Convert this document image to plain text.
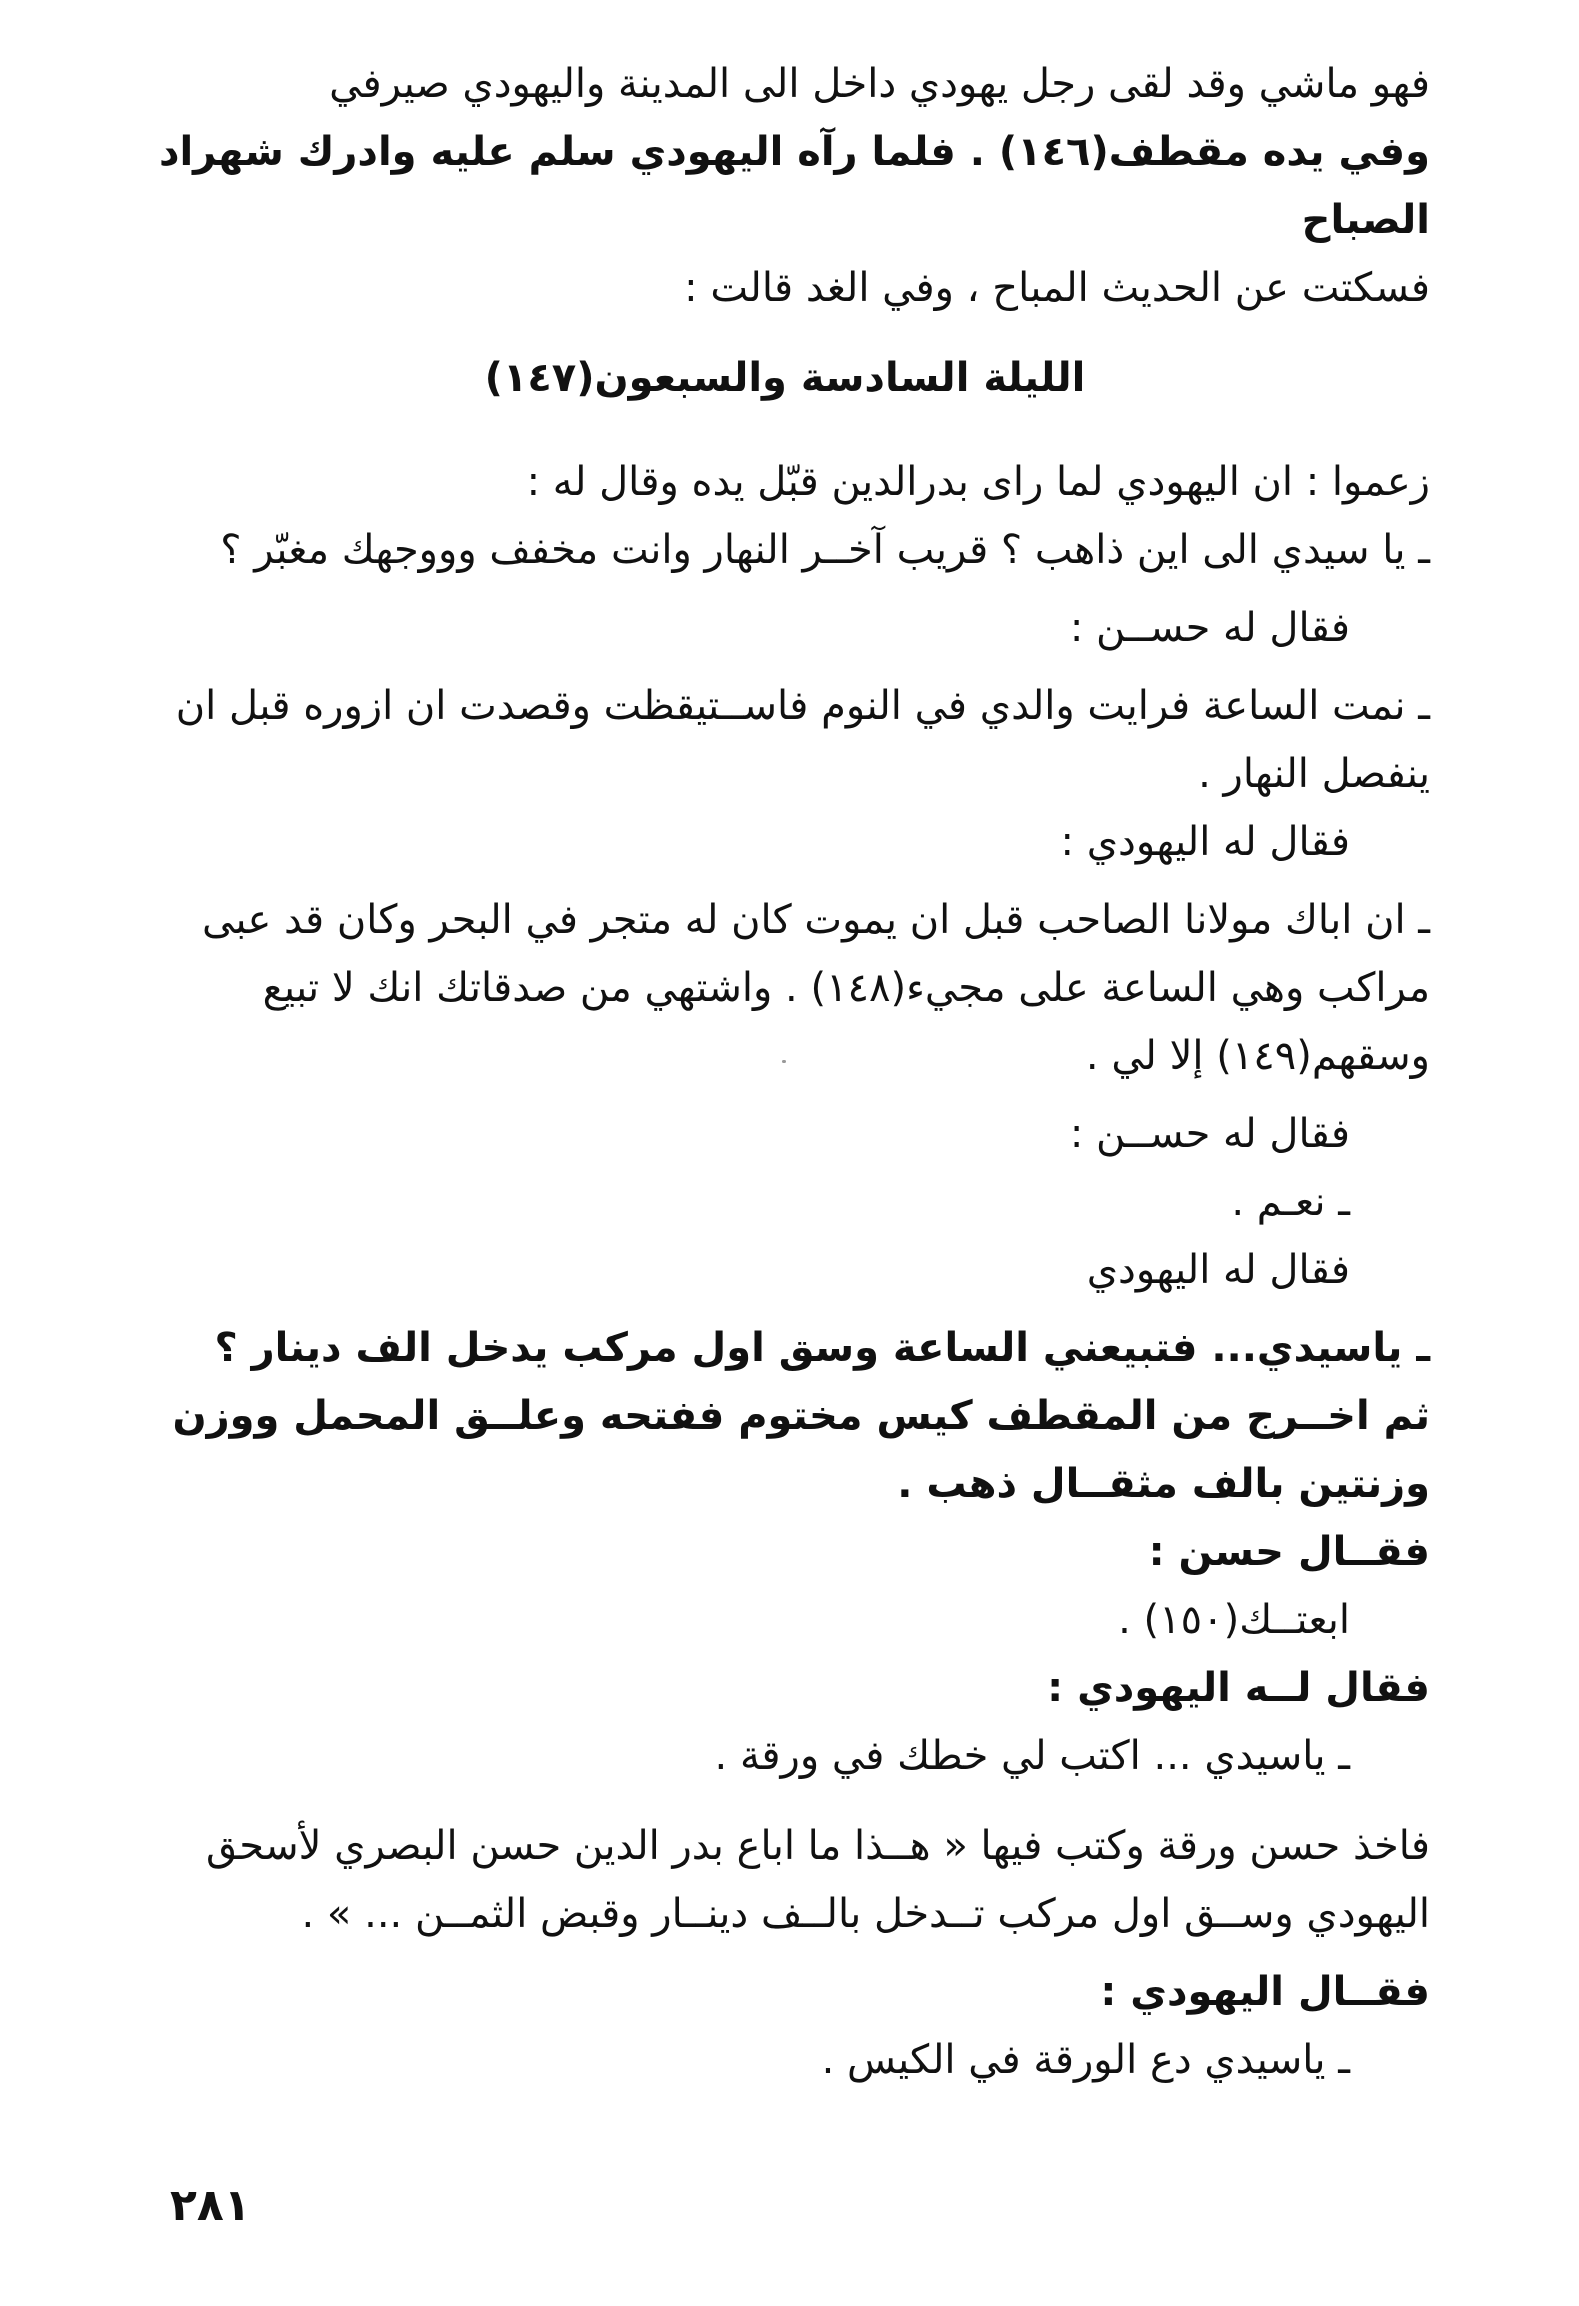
فهو ماشي وقد لقى رجل يهودي داخل الى المدينة واليهودي صيرفي

وفي يده مقطف(١٤٦) . فلما رآه اليهودي سلم عليه وادرك شهراد الصباح

فسكتت عن الحديث المباح ، وفي الغد قالت :

الليلة السادسة والسبعون(١٤٧)

زعموا : ان اليهودي لما راى بدرالدين قبّل يده وقال له :

ـ يا سيدي الى اين ذاهب ؟ قريب آخــر النهار وانت مخفف وووجهك مغبّر ؟

فقال له حســن :

ـ نمت الساعة فرايت والدي في النوم فاســتيقظت وقصدت ان ازوره قبل ان ينفصل النهار .

فقال له اليهودي :

ـ ان اباك مولانا الصاحب قبل ان يموت كان له متجر في البحر وكان قد عبى مراكب وهي الساعة على مجيء(١٤٨) . واشتهي من صدقاتك انك لا تبيع وسقهم(١٤٩) إلا لي .

فقال له حســن :

ـ نعـم .

فقال له اليهودي

ـ ياسيدي... فتبيعني الساعة وسق اول مركب يدخل الف دينار ؟

ثم اخــرج من المقطف كيس مختوم ففتحه وعلــق المحمل ووزن وزنتين بالف مثقــال ذهب .

فقــال حسن :

ابعتــك(١٥٠) .

فقال لــه اليهودي :

ـ ياسيدي ... اكتب لي خطك في ورقة .

فاخذ حسن ورقة وكتب فيها « هــذا ما اباع بدر الدين حسن البصري لأسحق اليهودي وســق اول مركب تــدخل بالــف دينــار وقبض الثمــن ... » .

فقــال اليهودي :

ـ ياسيدي دع الورقة في الكيس .

٢٨١
